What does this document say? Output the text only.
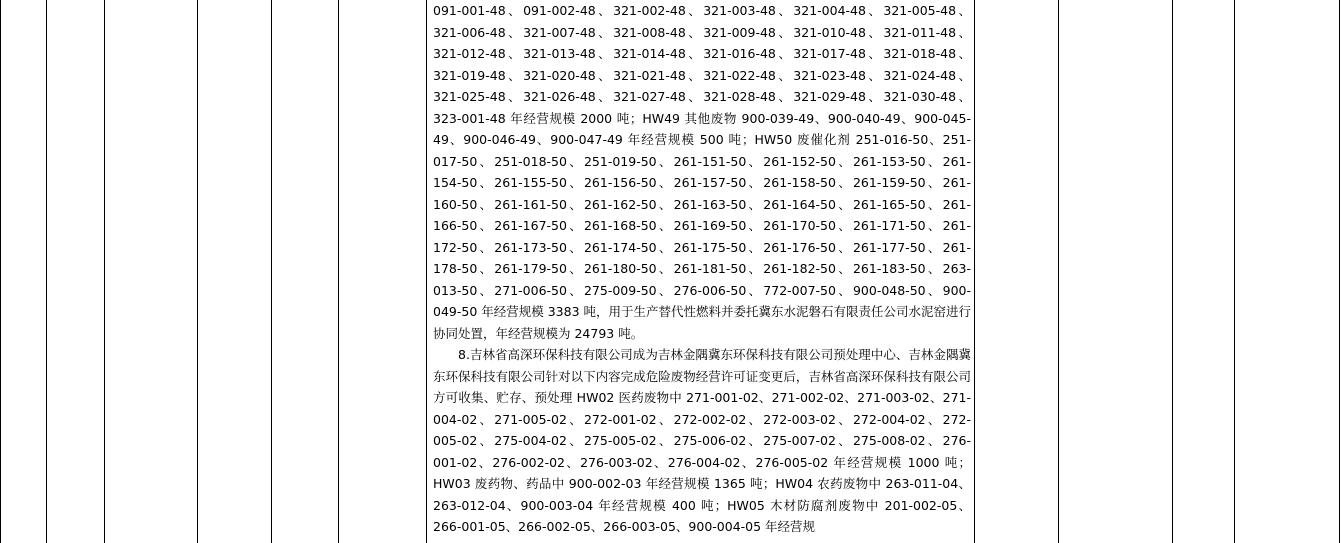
091-001-48、091-002-48、321-002-48、321-003-48、321-004-48、321-005-48、321-006-48、321-007-48、321-008-48、321-009-48、321-010-48、321-011-48、321-012-48、321-013-48、321-014-48、321-016-48、321-017-48、321-018-48、321-019-48、321-020-48、321-021-48、321-022-48、321-023-48、321-024-48、321-025-48、321-026-48、321-027-48、321-028-48、321-029-48、321-030-48、323-001-48 年经营规模 2000 吨；HW49 其他废物 900-039-49、900-040-49、900-045-49、900-046-49、900-047-49 年经营规模 500 吨；HW50 废催化剂 251-016-50、251-017-50、251-018-50、251-019-50、261-151-50、261-152-50、261-153-50、261-154-50、261-155-50、261-156-50、261-157-50、261-158-50、261-159-50、261-160-50、261-161-50、261-162-50、261-163-50、261-164-50、261-165-50、261-166-50、261-167-50、261-168-50、261-169-50、261-170-50、261-171-50、261-172-50、261-173-50、261-174-50、261-175-50、261-176-50、261-177-50、261-178-50、261-179-50、261-180-50、261-181-50、261-182-50、261-183-50、263-013-50、271-006-50、275-009-50、276-006-50、772-007-50、900-048-50、900-049-50 年经营规模 3383 吨，用于生产替代性燃料并委托冀东水泥磐石有限责任公司水泥窑进行协同处置，年经营规模为 24793 吨。

8.吉林省高深环保科技有限公司成为吉林金隅冀东环保科技有限公司预处理中心、吉林金隅冀东环保科技有限公司针对以下内容完成危险废物经营许可证变更后，吉林省高深环保科技有限公司方可收集、贮存、预处理 HW02 医药废物中 271-001-02、271-002-02、271-003-02、271-004-02、271-005-02、272-001-02、272-002-02、272-003-02、272-004-02、272-005-02、275-004-02、275-005-02、275-006-02、275-007-02、275-008-02、276-001-02、276-002-02、276-003-02、276-004-02、276-005-02 年经营规模 1000 吨；HW03 废药物、药品中 900-002-03 年经营规模 1365 吨；HW04 农药废物中 263-011-04、263-012-04、900-003-04 年经营规模 400 吨；HW05 木材防腐剂废物中 201-002-05、266-001-05、266-002-05、266-003-05、900-004-05 年经营规
